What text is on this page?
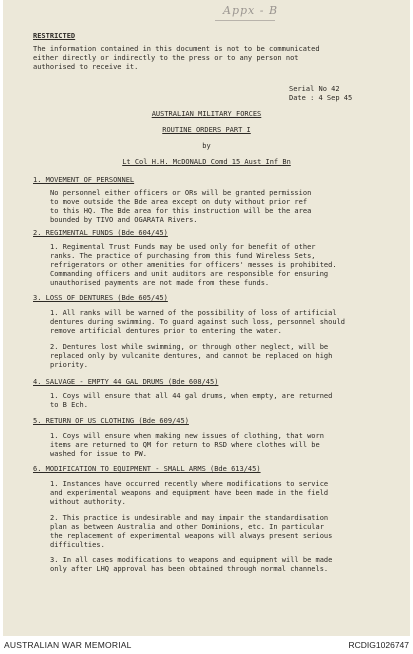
Appx - B
RESTRICTED
The information contained in this document is not to be communicated
either directly or indirectly to the press or to any person not
authorised to receive it.
Serial No 42
Date : 4 Sep 45
AUSTRALIAN MILITARY FORCES
ROUTINE ORDERS PART I
by
Lt Col H.H. McDONALD Comd 15 Aust Inf Bn
1. MOVEMENT OF PERSONNEL
No personnel either officers or ORs will be granted permission
to move outside the Bde area except on duty without prior ref
to this HQ. The Bde area for this instruction will be the area
bounded by TIVO and OGARATA Rivers.
2. REGIMENTAL FUNDS (Bde 604/45)
1. Regimental Trust Funds may be used only for benefit of other
ranks. The practice of purchasing from this fund Wireless Sets,
refrigerators or other amenities for officers' messes is prohibited.
Commanding officers and unit auditors are responsible for ensuring
unauthorised payments are not made from these funds.
3. LOSS OF DENTURES (Bde 605/45)
1. All ranks will be warned of the possibility of loss of artificial
dentures during swimming. To guard against such loss, personnel should
remove artificial dentures prior to entering the water.
2. Dentures lost while swimming, or through other neglect, will be
replaced only by vulcanite dentures, and cannot be replaced on high
priority.
4. SALVAGE - EMPTY 44 GAL DRUMS (Bde 608/45)
1. Coys will ensure that all 44 gal drums, when empty, are returned
to B Ech.
5. RETURN OF US CLOTHING (Bde 609/45)
1. Coys will ensure when making new issues of clothing, that worn
items are returned to QM for return to RSD where clothes will be
washed for issue to PW.
6. MODIFICATION TO EQUIPMENT - SMALL ARMS (Bde 613/45)
1. Instances have occurred recently where modifications to service
and experimental weapons and equipment have been made in the field
without authority.
2. This practice is undesirable and may impair the standardisation
plan as between Australia and other Dominions, etc. In particular
the replacement of experimental weapons will always present serious
difficulties.
3. In all cases modifications to weapons and equipment will be made
only after LHQ approval has been obtained through normal channels.
AUSTRALIAN WAR MEMORIAL	RCDIG1026747
